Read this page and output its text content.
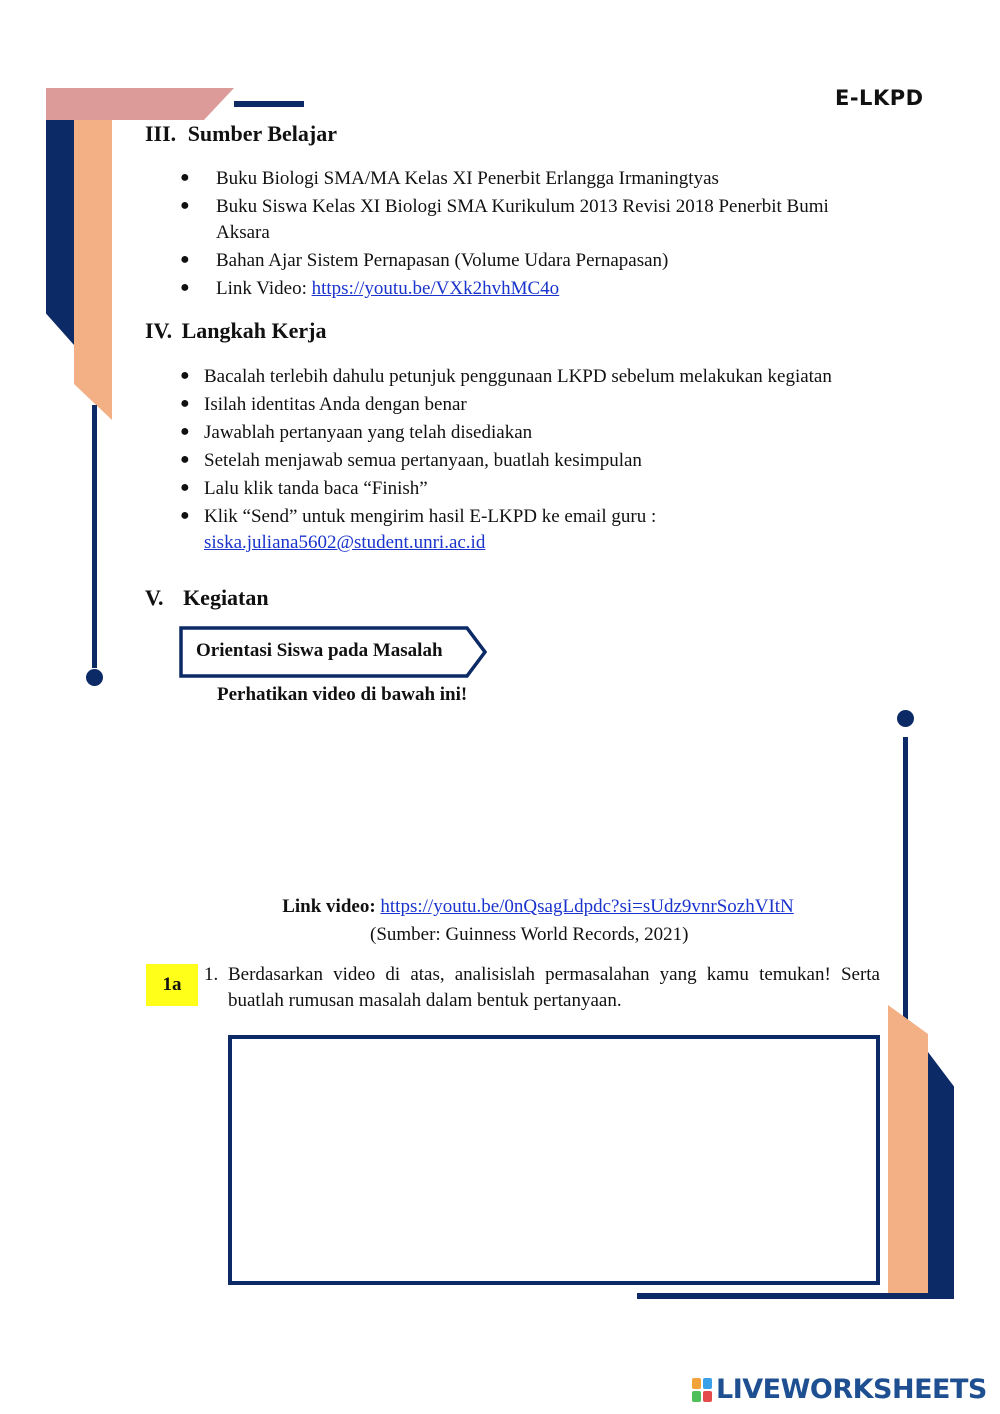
E-LKPD
III. Sumber Belajar
● Buku Biologi SMA/MA Kelas XI Penerbit Erlangga Irmaningtyas
● Buku Siswa Kelas XI Biologi SMA Kurikulum 2013 Revisi 2018 Penerbit Bumi
Aksara
● Bahan Ajar Sistem Pernapasan (Volume Udara Pernapasan)
● Link Video: https://youtu.be/VXk2hvhMC4o
IV. Langkah Kerja
● Bacalah terlebih dahulu petunjuk penggunaan LKPD sebelum melakukan kegiatan
● Isilah identitas Anda dengan benar
● Jawablah pertanyaan yang telah disediakan
● Setelah menjawab semua pertanyaan, buatlah kesimpulan
● Lalu klik tanda baca “Finish”
● Klik “Send” untuk mengirim hasil E-LKPD ke email guru :
siska.juliana5602@student.unri.ac.id
V. Kegiatan
Orientasi Siswa pada Masalah
Perhatikan video di bawah ini!
Link video: https://youtu.be/0nQsagLdpdc?si=sUdz9vnrSozhVItN
(Sumber: Guinness World Records, 2021)
1a	1. Berdasarkan video di atas, analisislah permasalahan yang kamu temukan! Serta
buatlah rumusan masalah dalam bentuk pertanyaan.
LIVEWORKSHEETS
